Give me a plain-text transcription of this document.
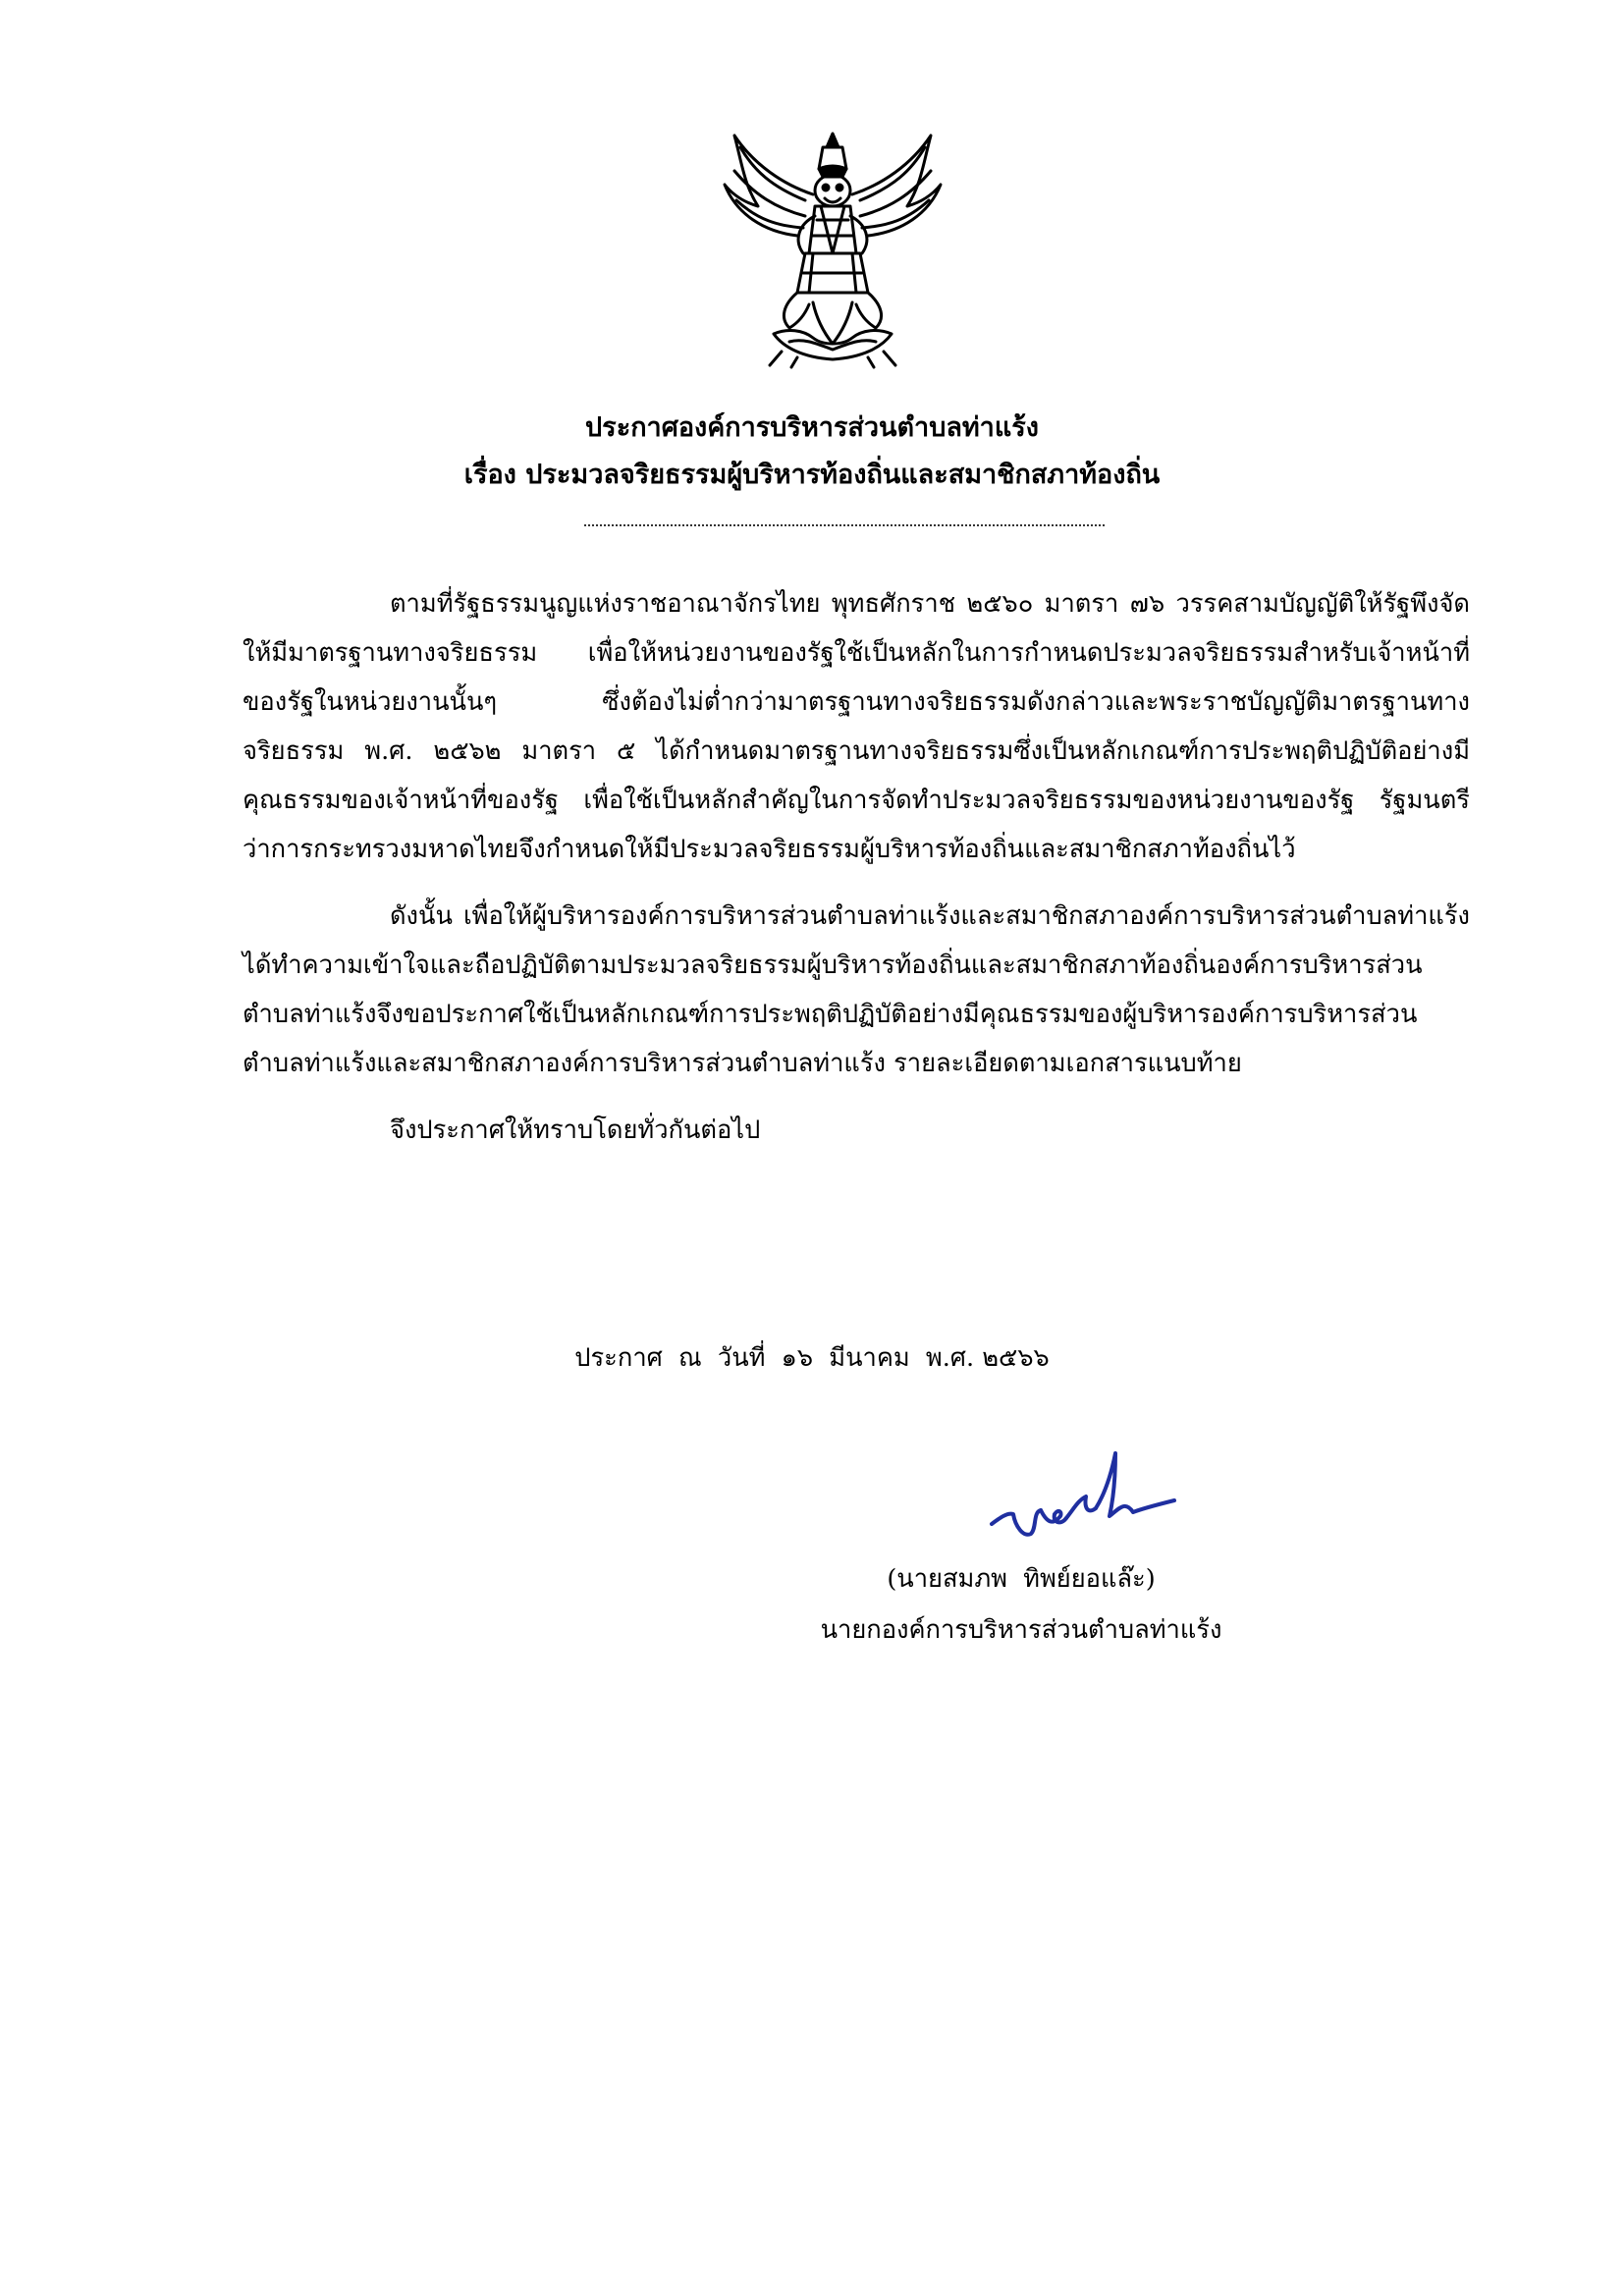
ประกาศองค์การบริหารส่วนตำบลท่าแร้ง
เรื่อง ประมวลจริยธรรมผู้บริหารท้องถิ่นและสมาชิกสภาท้องถิ่น

ตามที่รัฐธรรมนูญแห่งราชอาณาจักรไทย พุทธศักราช ๒๕๖๐ มาตรา ๗๖ วรรคสามบัญญัติให้รัฐพึงจัดให้มีมาตรฐานทางจริยธรรม เพื่อให้หน่วยงานของรัฐใช้เป็นหลักในการกำหนดประมวลจริยธรรมสำหรับเจ้าหน้าที่ของรัฐในหน่วยงานนั้นๆ ซึ่งต้องไม่ต่ำกว่ามาตรฐานทางจริยธรรมดังกล่าวและพระราชบัญญัติมาตรฐานทางจริยธรรม พ.ศ. ๒๕๖๒ มาตรา ๕ ได้กำหนดมาตรฐานทางจริยธรรมซึ่งเป็นหลักเกณฑ์การประพฤติปฏิบัติอย่างมีคุณธรรมของเจ้าหน้าที่ของรัฐ เพื่อใช้เป็นหลักสำคัญในการจัดทำประมวลจริยธรรมของหน่วยงานของรัฐ รัฐมนตรีว่าการกระทรวงมหาดไทยจึงกำหนดให้มีประมวลจริยธรรมผู้บริหารท้องถิ่นและสมาชิกสภาท้องถิ่นไว้

ดังนั้น เพื่อให้ผู้บริหารองค์การบริหารส่วนตำบลท่าแร้งและสมาชิกสภาองค์การบริหารส่วนตำบลท่าแร้ง ได้ทำความเข้าใจและถือปฏิบัติตามประมวลจริยธรรมผู้บริหารท้องถิ่นและสมาชิกสภาท้องถิ่นองค์การบริหารส่วนตำบลท่าแร้งจึงขอประกาศใช้เป็นหลักเกณฑ์การประพฤติปฏิบัติอย่างมีคุณธรรมของผู้บริหารองค์การบริหารส่วนตำบลท่าแร้งและสมาชิกสภาองค์การบริหารส่วนตำบลท่าแร้ง รายละเอียดตามเอกสารแนบท้าย

จึงประกาศให้ทราบโดยทั่วกันต่อไป

ประกาศ  ณ  วันที่  ๑๖  มีนาคม  พ.ศ. ๒๕๖๖
(นายสมภพ  ทิพย์ยอแล๊ะ)
นายกองค์การบริหารส่วนตำบลท่าแร้ง
